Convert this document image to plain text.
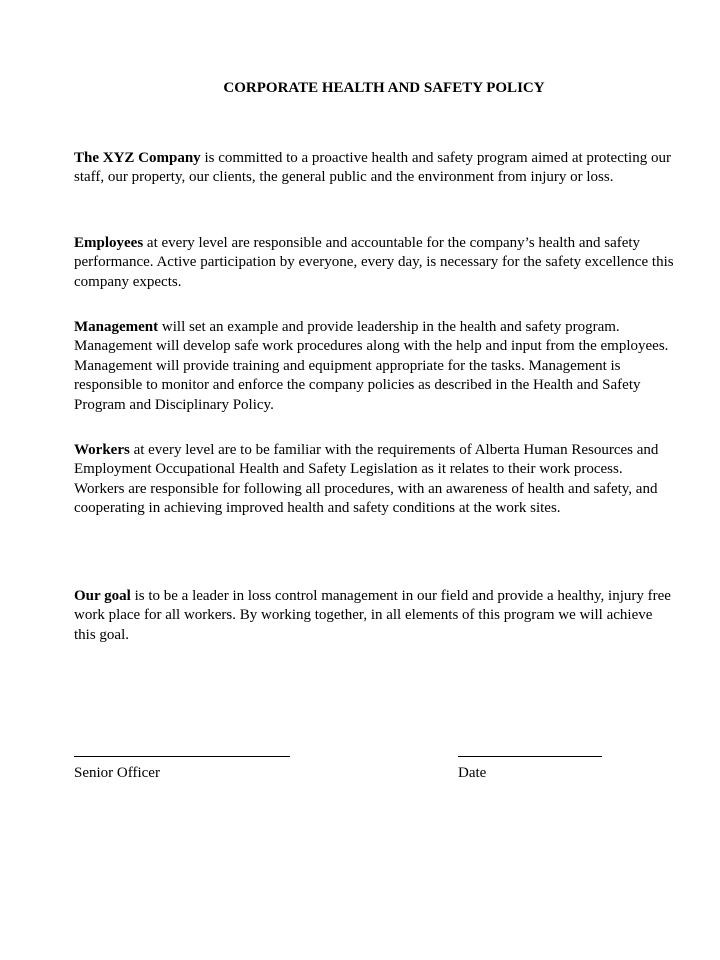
CORPORATE HEALTH AND SAFETY POLICY

The XYZ Company is committed to a proactive health and safety program aimed at protecting our staff, our property, our clients, the general public and the environment from injury or loss.

Employees at every level are responsible and accountable for the company’s health and safety performance. Active participation by everyone, every day, is necessary for the safety excellence this company expects.

Management will set an example and provide leadership in the health and safety program. Management will develop safe work procedures along with the help and input from the employees. Management will provide training and equipment appropriate for the tasks. Management is responsible to monitor and enforce the company policies as described in the Health and Safety Program and Disciplinary Policy.

Workers at every level are to be familiar with the requirements of Alberta Human Resources and Employment Occupational Health and Safety Legislation as it relates to their work process. Workers are responsible for following all procedures, with an awareness of health and safety, and cooperating in achieving improved health and safety conditions at the work sites.

Our goal is to be a leader in loss control management in our field and provide a healthy, injury free work place for all workers. By working together, in all elements of this program we will achieve this goal.

Senior Officer	Date
